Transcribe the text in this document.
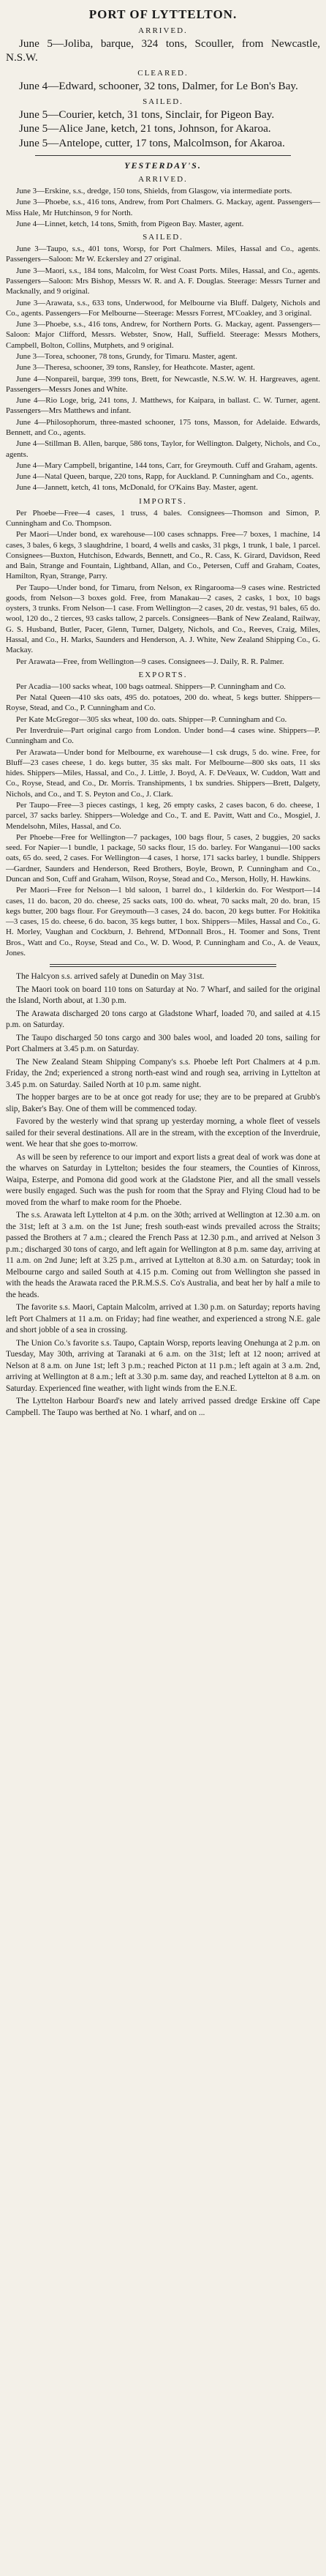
PORT OF LYTTELTON.
ARRIVED.

June 5—Joliba, barque, 324 tons, Scouller, from Newcastle, N.S.W.

CLEARED.

June 4—Edward, schooner, 32 tons, Dalmer, for Le Bon's Bay.

SAILED.

June 5—Courier, ketch, 31 tons, Sinclair, for Pigeon Bay.

June 5—Alice Jane, ketch, 21 tons, Johnson, for Akaroa.

June 5—Antelope, cutter, 17 tons, Malcolmson, for Akaroa.

YESTERDAY'S.
ARRIVED.

June 3—Erskine, s.s., dredge, 150 tons, Shields, from Glasgow, via intermediate ports.

June 3—Phoebe, s.s., 416 tons, Andrew, from Port Chalmers. G. Mackay, agent. Passengers—Miss Hale, Mr Hutchinson, 9 for North.

June 4—Linnet, ketch, 14 tons, Smith, from Pigeon Bay. Master, agent.

SAILED.

June 3—Taupo, s.s., 401 tons, Worsp, for Port Chalmers. Miles, Hassal and Co., agents. Passengers—Saloon: Mr W. Eckersley and 27 original.

June 3—Maori, s.s., 184 tons, Malcolm, for West Coast Ports. Miles, Hassal, and Co., agents. Passengers—Saloon: Mrs Bishop, Messrs W. R. and A. F. Douglas. Steerage: Messrs Turner and Macknally, and 9 original.

June 3—Arawata, s.s., 633 tons, Underwood, for Melbourne via Bluff. Dalgety, Nichols and Co., agents. Passengers—For Melbourne—Steerage: Messrs Forrest, M'Coakley, and 3 original.

June 3—Phoebe, s.s., 416 tons, Andrew, for Northern Ports. G. Mackay, agent. Passengers—Saloon: Major Clifford, Messrs. Webster, Snow, Hall, Suffield. Steerage: Messrs Mothers, Campbell, Bolton, Collins, Mutphets, and 9 original.

June 3—Torea, schooner, 78 tons, Grundy, for Timaru. Master, agent.

June 3—Theresa, schooner, 39 tons, Ransley, for Heathcote. Master, agent.

June 4—Nonpareil, barque, 399 tons, Brett, for Newcastle, N.S.W. W. H. Hargreaves, agent. Passengers—Messrs Jones and White.

June 4—Rio Loge, brig, 241 tons, J. Matthews, for Kaipara, in ballast. C. W. Turner, agent. Passengers—Mrs Matthews and infant.

June 4—Philosophorum, three-masted schooner, 175 tons, Masson, for Adelaide. Edwards, Bennett, and Co., agents.

June 4—Stillman B. Allen, barque, 586 tons, Taylor, for Wellington. Dalgety, Nichols, and Co., agents.

June 4—Mary Campbell, brigantine, 144 tons, Carr, for Greymouth. Cuff and Graham, agents.

June 4—Natal Queen, barque, 220 tons, Rapp, for Auckland. P. Cunningham and Co., agents.

June 4—Jannett, ketch, 41 tons, McDonald, for O'Kains Bay. Master, agent.

IMPORTS.

Per Phoebe—Free—4 cases, 1 truss, 4 bales. Consignees—Thomson and Simon, P. Cunningham and Co. Thompson.

Per Maori—Under bond, ex warehouse—100 cases schnapps. Free—7 boxes, 1 machine, 14 cases, 3 bales, 6 kegs, 3 slaughdrine, 1 board, 4 wells and casks, 31 pkgs, 1 trunk, 1 bale, 1 parcel. Consignees—Buxton, Hutchison, Edwards, Bennett, and Co., R. Cass, K. Girard, Davidson, Reed and Bain, Strange and Fountain, Lightband, Allan, and Co., Petersen, Cuff and Graham, Coates, Hamilton, Ryan, Strange, Parry.

Per Taupo—Under bond, for Timaru, from Nelson, ex Ringarooma—9 cases wine. Restricted goods, from Nelson—3 boxes gold. Free, from Manakau—2 cases, 2 casks, 1 box, 10 bags oysters, 3 trunks. From Nelson—1 case. From Wellington—2 cases, 20 dr. vestas, 91 bales, 65 do. wool, 120 do., 2 tierces, 93 casks tallow, 2 parcels. Consignees—Bank of New Zealand, Railway, G. S. Husband, Butler, Pacer, Glenn, Turner, Dalgety, Nichols, and Co., Reeves, Craig, Miles, Hassal, and Co., H. Marks, Saunders and Henderson, A. J. White, New Zealand Shipping Co., G. Mackay.

Per Arawata—Free, from Wellington—9 cases. Consignees—J. Daily, R. R. Palmer.

EXPORTS.

Per Acadia—100 sacks wheat, 100 bags oatmeal. Shippers—P. Cunningham and Co.

Per Natal Queen—410 sks oats, 495 do. potatoes, 200 do. wheat, 5 kegs butter. Shippers—Royse, Stead, and Co., P. Cunningham and Co.

Per Kate McGregor—305 sks wheat, 100 do. oats. Shipper—P. Cunningham and Co.

Per Inverdruie—Part original cargo from London. Under bond—4 cases wine. Shippers—P. Cunningham and Co.

Per Arawata—Under bond for Melbourne, ex warehouse—1 csk drugs, 5 do. wine. Free, for Bluff—23 cases cheese, 1 do. kegs butter, 35 sks malt. For Melbourne—800 sks oats, 11 sks hides. Shippers—Miles, Hassal, and Co., J. Little, J. Boyd, A. F. DeVeaux, W. Cuddon, Watt and Co., Royse, Stead, and Co., Dr. Morris. Transhipments, 1 bx sundries. Shippers—Brett, Dalgety, Nichols, and Co., and T. S. Peyton and Co., J. Clark.

Per Taupo—Free—3 pieces castings, 1 keg, 26 empty casks, 2 cases bacon, 6 do. cheese, 1 parcel, 37 sacks barley. Shippers—Woledge and Co., T. and E. Pavitt, Watt and Co., Mosgiel, J. Mendelsohn, Miles, Hassal, and Co.

Per Phoebe—Free for Wellington—7 packages, 100 bags flour, 5 cases, 2 buggies, 20 sacks seed. For Napier—1 bundle, 1 package, 50 sacks flour, 15 do. barley. For Wanganui—100 sacks oats, 65 do. seed, 2 cases. For Wellington—4 cases, 1 horse, 171 sacks barley, 1 bundle. Shippers—Gardner, Saunders and Henderson, Reed Brothers, Boyle, Brown, P. Cunningham and Co., Duncan and Son, Cuff and Graham, Wilson, Royse, Stead and Co., Merson, Holly, H. Hawkins.

Per Maori—Free for Nelson—1 bld saloon, 1 barrel do., 1 kilderkin do. For Westport—14 cases, 11 do. bacon, 20 do. cheese, 25 sacks oats, 100 do. wheat, 70 sacks malt, 20 do. bran, 15 kegs butter, 200 bags flour. For Greymouth—3 cases, 24 do. bacon, 20 kegs butter. For Hokitika—3 cases, 15 do. cheese, 6 do. bacon, 35 kegs butter, 1 box. Shippers—Miles, Hassal and Co., G. H. Morley, Vaughan and Cockburn, J. Behrend, M'Donnall Bros., H. Toomer and Sons, Trent Bros., Watt and Co., Royse, Stead and Co., W. D. Wood, P. Cunningham and Co., A. de Veaux, Jones.

The Halcyon s.s. arrived safely at Dunedin on May 31st.

The Maori took on board 110 tons on Saturday at No. 7 Wharf, and sailed for the original the Island, North about, at 1.30 p.m.

The Arawata discharged 20 tons cargo at Gladstone Wharf, loaded 70, and sailed at 4.15 p.m. on Saturday.

The Taupo discharged 50 tons cargo and 300 bales wool, and loaded 20 tons, sailing for Port Chalmers at 3.45 p.m. on Saturday.

The New Zealand Steam Shipping Company's s.s. Phoebe left Port Chalmers at 4 p.m. Friday, the 2nd; experienced a strong north-east wind and rough sea, arriving in Lyttelton at 3.45 p.m. on Saturday. Sailed North at 10 p.m. same night.

The hopper barges are to be at once got ready for use; they are to be prepared at Grubb's slip, Baker's Bay. One of them will be commenced today.

Favored by the westerly wind that sprang up yesterday morning, a whole fleet of vessels sailed for their several destinations. All are in the stream, with the exception of the Inverdruie, went. We hear that she goes to-morrow.

As will be seen by reference to our import and export lists a great deal of work was done at the wharves on Saturday in Lyttelton; besides the four steamers, the Counties of Kinross, Waipa, Esterpe, and Pomona did good work at the Gladstone Pier, and all the small vessels were busily engaged. Such was the push for room that the Spray and Flying Cloud had to be moved from the wharf to make room for the Phoebe.

The s.s. Arawata left Lyttelton at 4 p.m. on the 30th; arrived at Wellington at 12.30 a.m. on the 31st; left at 3 a.m. on the 1st June; fresh south-east winds prevailed across the Straits; passed the Brothers at 7 a.m.; cleared the French Pass at 12.30 p.m., and arrived at Nelson 3 p.m.; discharged 30 tons of cargo, and left again for Wellington at 8 p.m. same day, arriving at 11 a.m. on 2nd June; left at 3.25 p.m., arrived at Lyttelton at 8.30 a.m. on Saturday; took in Melbourne cargo and sailed South at 4.15 p.m. Coming out from Wellington she passed in with the heads the Arawata raced the P.R.M.S.S. Co's Australia, and beat her by half a mile to the heads.

The favorite s.s. Maori, Captain Malcolm, arrived at 1.30 p.m. on Saturday; reports having left Port Chalmers at 11 a.m. on Friday; had fine weather, and experienced a strong N.E. gale and short jobble of a sea in crossing.

The Union Co.'s favorite s.s. Taupo, Captain Worsp, reports leaving Onehunga at 2 p.m. on Tuesday, May 30th, arriving at Taranaki at 6 a.m. on the 31st; left at 12 noon; arrived at Nelson at 8 a.m. on June 1st; left 3 p.m.; reached Picton at 11 p.m.; left again at 3 a.m. 2nd, arriving at Wellington at 8 a.m.; left at 3.30 p.m. same day, and reached Lyttelton at 8 a.m. on Saturday. Experienced fine weather, with light winds from the E.N.E.

The Lyttelton Harbour Board's new and lately arrived passed dredge Erskine off Cape Campbell. The Taupo was berthed at No. 1 wharf, and on ...
